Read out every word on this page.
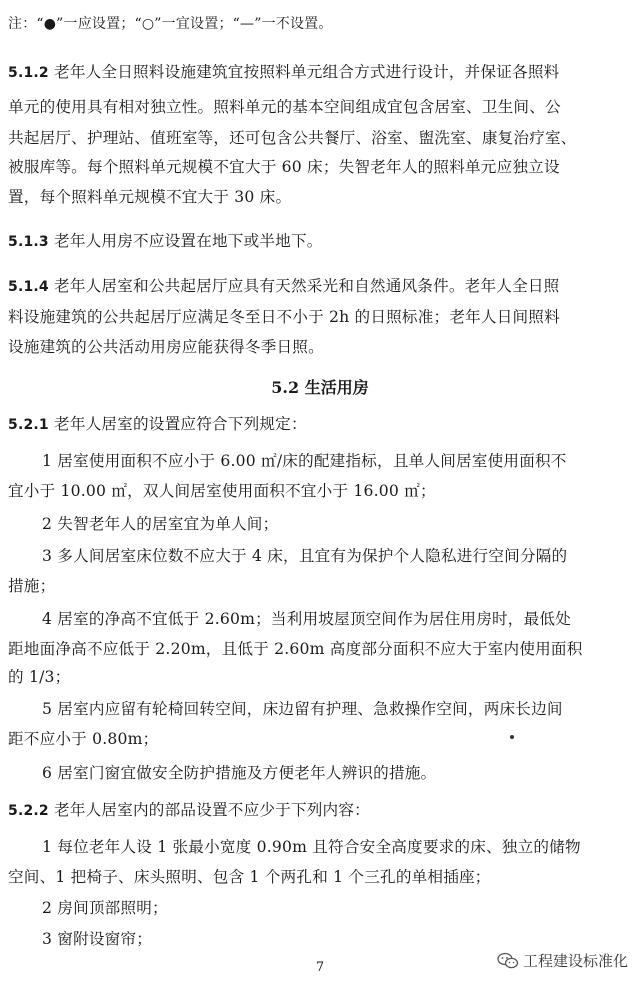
注：“●”一应设置；“○”一宜设置；“—”一不设置。
5.1.2 老年人全日照料设施建筑宜按照料单元组合方式进行设计，并保证各照料
单元的使用具有相对独立性。照料单元的基本空间组成宜包含居室、卫生间、公
共起居厅、护理站、值班室等，还可包含公共餐厅、浴室、盥洗室、康复治疗室、
被服库等。每个照料单元规模不宜大于 60 床；失智老年人的照料单元应独立设
置，每个照料单元规模不宜大于 30 床。
5.1.3 老年人用房不应设置在地下或半地下。
5.1.4 老年人居室和公共起居厅应具有天然采光和自然通风条件。老年人全日照
料设施建筑的公共起居厅应满足冬至日不小于 2h 的日照标准；老年人日间照料
设施建筑的公共活动用房应能获得冬季日照。
5.2 生活用房
5.2.1 老年人居室的设置应符合下列规定：
1 居室使用面积不应小于 6.00 ㎡/床的配建指标，且单人间居室使用面积不
宜小于 10.00 ㎡，双人间居室使用面积不宜小于 16.00 ㎡；
2 失智老年人的居室宜为单人间；
3 多人间居室床位数不应大于 4 床，且宜有为保护个人隐私进行空间分隔的
措施；
4 居室的净高不宜低于 2.60m；当利用坡屋顶空间作为居住用房时，最低处
距地面净高不应低于 2.20m，且低于 2.60m 高度部分面积不应大于室内使用面积
的 1/3；
5 居室内应留有轮椅回转空间，床边留有护理、急救操作空间，两床长边间
距不应小于 0.80m；
6 居室门窗宜做安全防护措施及方便老年人辨识的措施。
5.2.2 老年人居室内的部品设置不应少于下列内容：
1 每位老年人设 1 张最小宽度 0.90m 且符合安全高度要求的床、独立的储物
空间、1 把椅子、床头照明、包含 1 个两孔和 1 个三孔的单相插座；
2 房间顶部照明；
3 窗附设窗帘；
7	工程建设标准化
